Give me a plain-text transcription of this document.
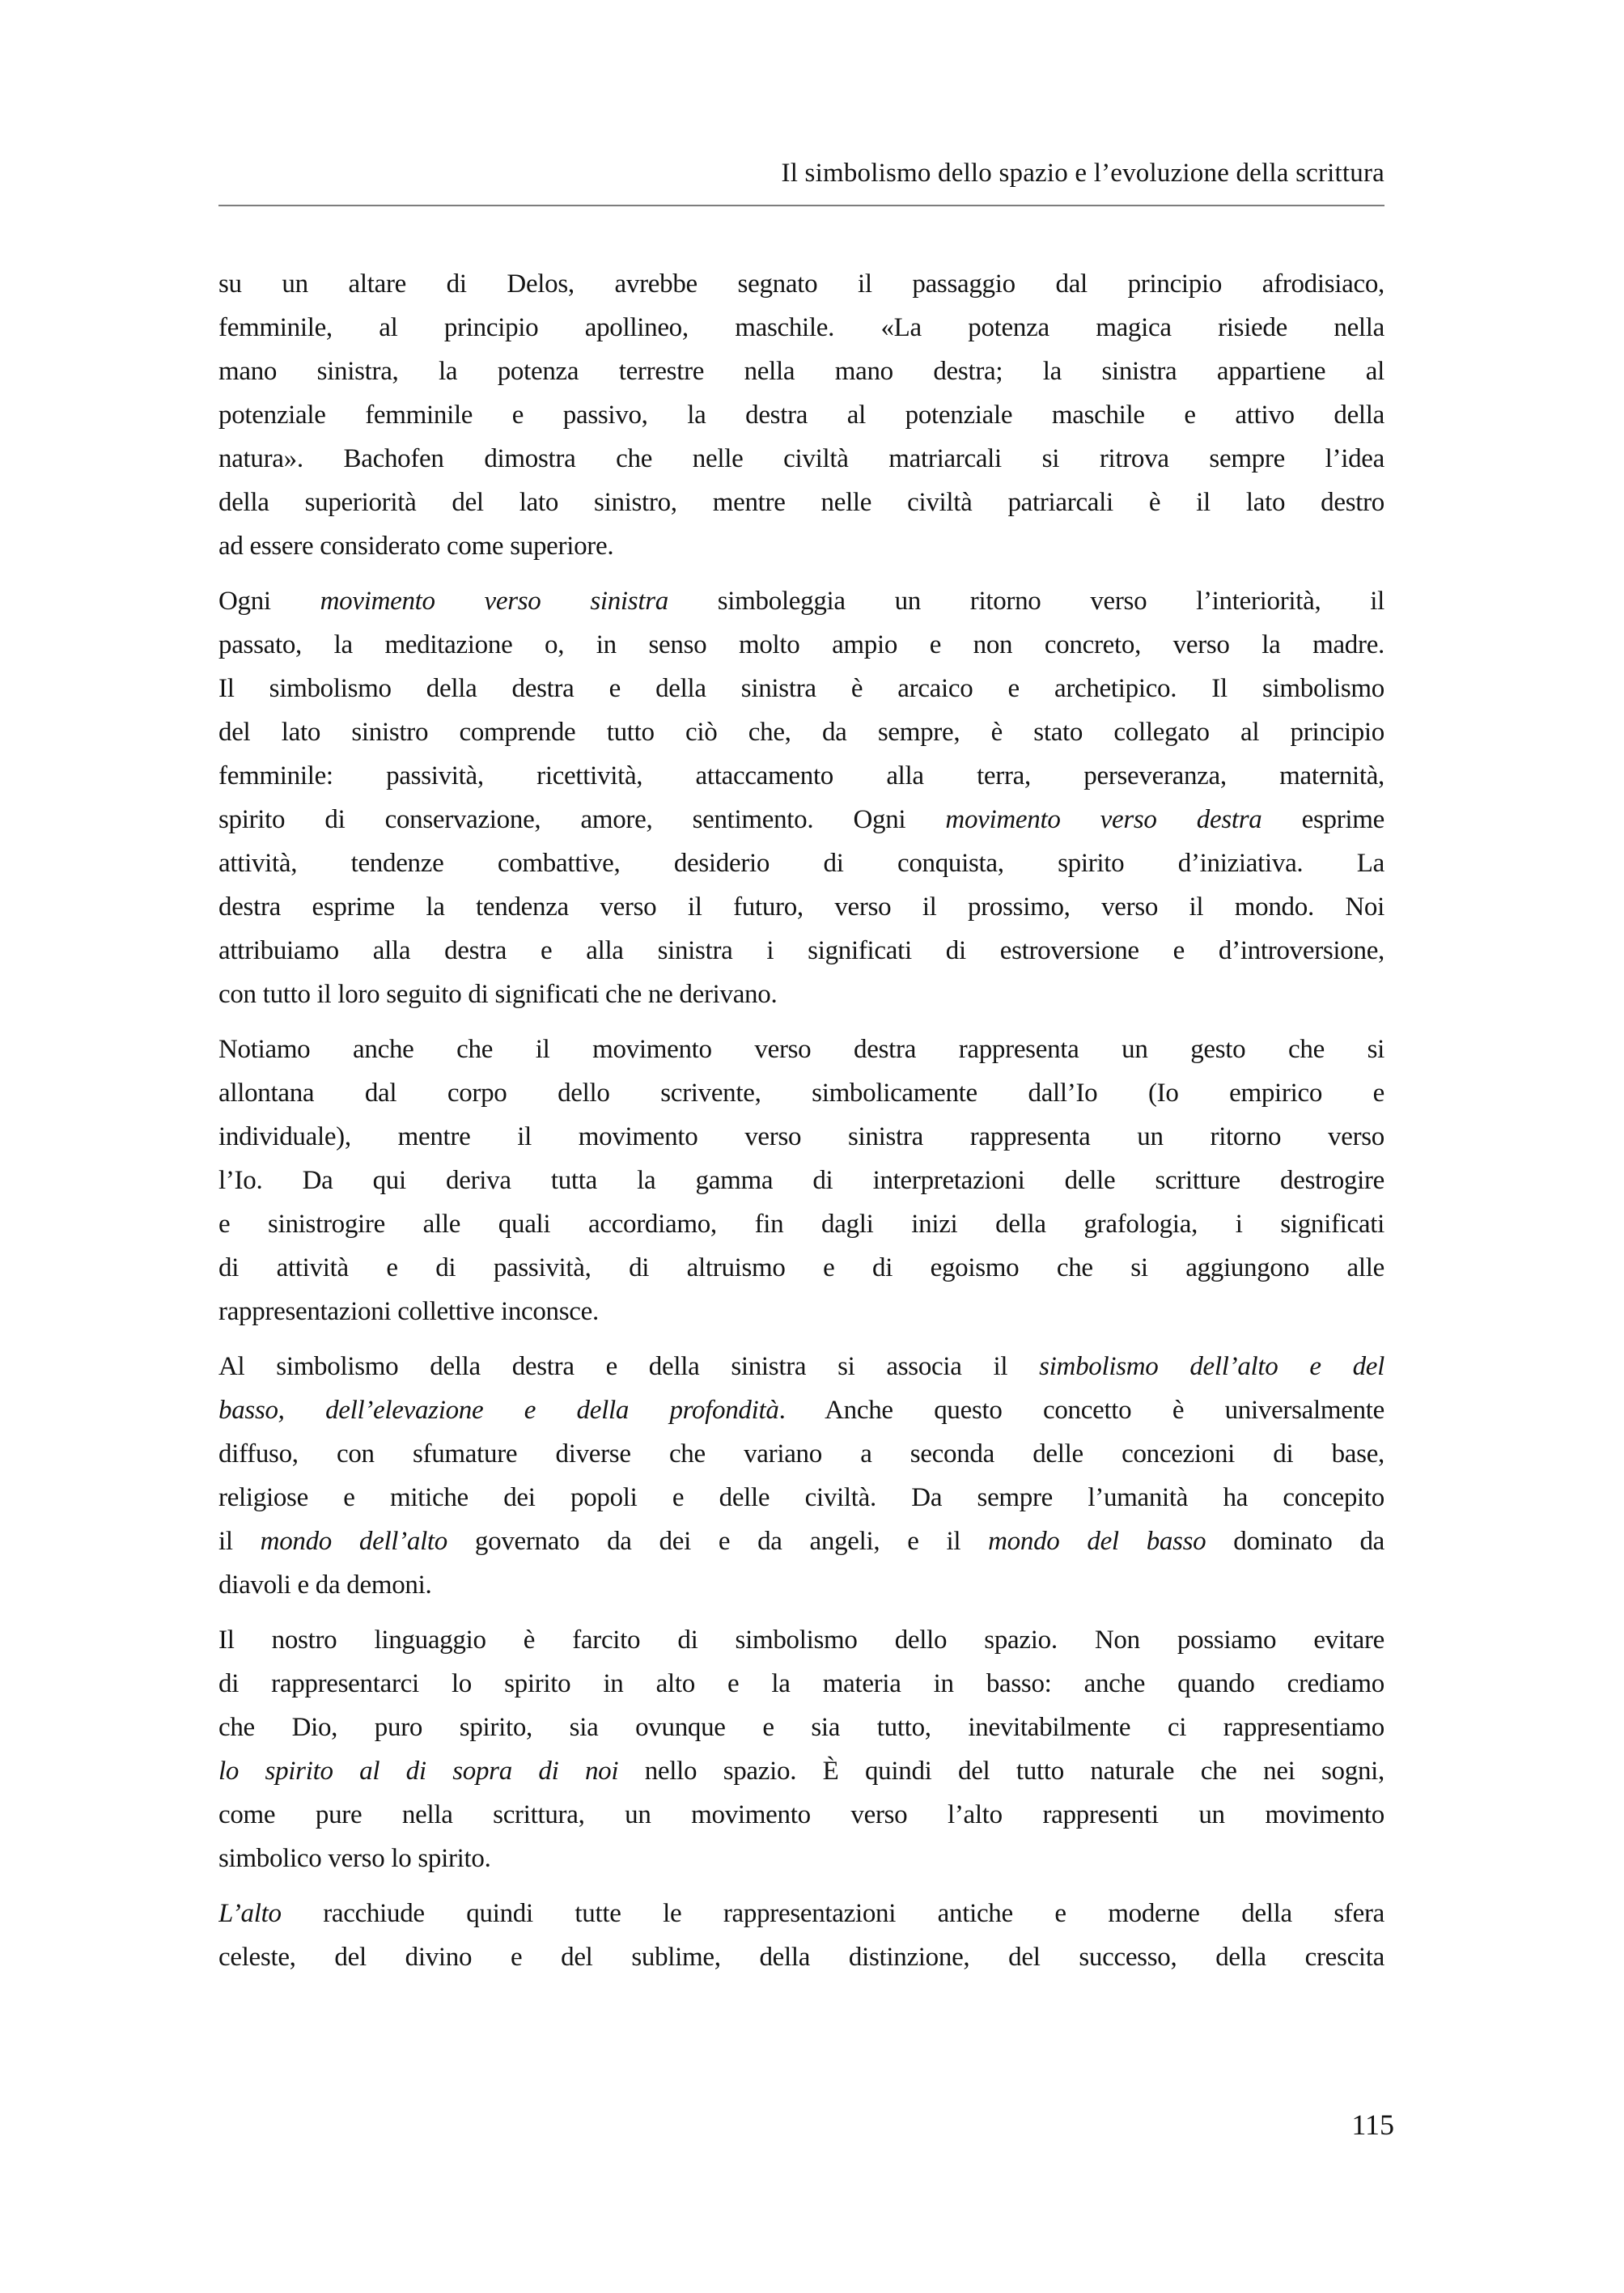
Il simbolismo dello spazio e l’evoluzione della scrittura
su un altare di Delos, avrebbe segnato il passaggio dal principio afrodisiaco,
femminile, al principio apollineo, maschile. «La potenza magica risiede nella
mano sinistra, la potenza terrestre nella mano destra; la sinistra appartiene al
potenziale femminile e passivo, la destra al potenziale maschile e attivo della
natura». Bachofen dimostra che nelle civiltà matriarcali si ritrova sempre l’idea
della superiorità del lato sinistro, mentre nelle civiltà patriarcali è il lato destro
ad essere considerato come superiore.
Ogni movimento verso sinistra simboleggia un ritorno verso l’interiorità, il
passato, la meditazione o, in senso molto ampio e non concreto, verso la madre.
Il simbolismo della destra e della sinistra è arcaico e archetipico. Il simbolismo
del lato sinistro comprende tutto ciò che, da sempre, è stato collegato al principio
femminile: passività, ricettività, attaccamento alla terra, perseveranza, maternità,
spirito di conservazione, amore, sentimento. Ogni movimento verso destra esprime
attività, tendenze combattive, desiderio di conquista, spirito d’iniziativa. La
destra esprime la tendenza verso il futuro, verso il prossimo, verso il mondo. Noi
attribuiamo alla destra e alla sinistra i significati di estroversione e d’introversione,
con tutto il loro seguito di significati che ne derivano.
Notiamo anche che il movimento verso destra rappresenta un gesto che si
allontana dal corpo dello scrivente, simbolicamente dall’Io (Io empirico e
individuale), mentre il movimento verso sinistra rappresenta un ritorno verso
l’Io. Da qui deriva tutta la gamma di interpretazioni delle scritture destrogire
e sinistrogire alle quali accordiamo, fin dagli inizi della grafologia, i significati
di attività e di passività, di altruismo e di egoismo che si aggiungono alle
rappresentazioni collettive inconsce.
Al simbolismo della destra e della sinistra si associa il simbolismo dell’alto e del
basso, dell’elevazione e della profondità. Anche questo concetto è universalmente
diffuso, con sfumature diverse che variano a seconda delle concezioni di base,
religiose e mitiche dei popoli e delle civiltà. Da sempre l’umanità ha concepito
il mondo dell’alto governato da dei e da angeli, e il mondo del basso dominato da
diavoli e da demoni.
Il nostro linguaggio è farcito di simbolismo dello spazio. Non possiamo evitare
di rappresentarci lo spirito in alto e la materia in basso: anche quando crediamo
che Dio, puro spirito, sia ovunque e sia tutto, inevitabilmente ci rappresentiamo
lo spirito al di sopra di noi nello spazio. È quindi del tutto naturale che nei sogni,
come pure nella scrittura, un movimento verso l’alto rappresenti un movimento
simbolico verso lo spirito.
L’alto racchiude quindi tutte le rappresentazioni antiche e moderne della sfera
celeste, del divino e del sublime, della distinzione, del successo, della crescita
115
